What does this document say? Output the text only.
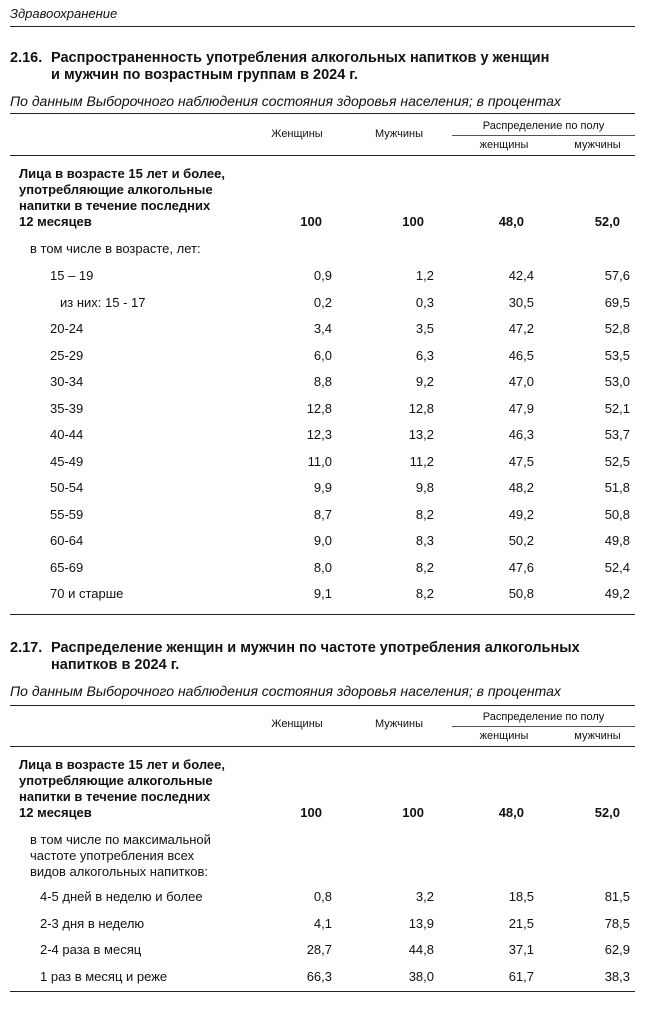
Здравоохранение
2.16. Распространенность употребления алкогольных напитков у женщин
и мужчин по возрастным группам в 2024 г.
По данным Выборочного наблюдения состояния здоровья населения; в процентах
Женщины	Мужчины
Распределение по полу
женщины	мужчины
Лица в возрасте 15 лет и более,
употребляющие алкогольные
напитки в течение последних
12 месяцев	100	100	48,0	52,0
в том числе в возрасте, лет:
15 – 19	0,9	1,2	42,4	57,6
из них: 15 - 17	0,2	0,3	30,5	69,5
20-24	3,4	3,5	47,2	52,8
25-29	6,0	6,3	46,5	53,5
30-34	8,8	9,2	47,0	53,0
35-39	12,8	12,8	47,9	52,1
40-44	12,3	13,2	46,3	53,7
45-49	11,0	11,2	47,5	52,5
50-54	9,9	9,8	48,2	51,8
55-59	8,7	8,2	49,2	50,8
60-64	9,0	8,3	50,2	49,8
65-69	8,0	8,2	47,6	52,4
70 и старше	9,1	8,2	50,8	49,2
2.17. Распределение женщин и мужчин по частоте употребления алкогольных
напитков в 2024 г.
По данным Выборочного наблюдения состояния здоровья населения; в процентах
Женщины	Мужчины
Распределение по полу
женщины	мужчины
Лица в возрасте 15 лет и более,
употребляющие алкогольные
напитки в течение последних
12 месяцев	100	100	48,0	52,0
в том числе по максимальной
частоте употребления всех
видов алкогольных напитков:
4-5 дней в неделю и более	0,8	3,2	18,5	81,5
2-3 дня в неделю	4,1	13,9	21,5	78,5
2-4 раза в месяц	28,7	44,8	37,1	62,9
1 раз в месяц и реже	66,3	38,0	61,7	38,3
